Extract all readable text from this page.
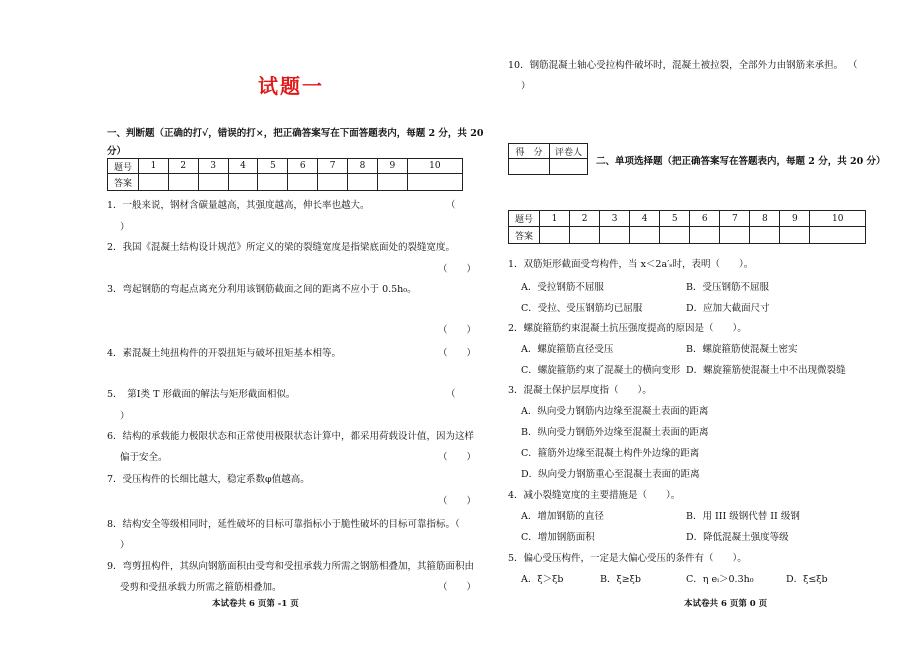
试题一
一、判断题（正确的打√，错误的打×，把正确答案写在下面答题表内，每题 2 分，共 20
分）
题号	1	2	3	4	5	6	7	8	9	10
答案										
1．一般来说，钢材含碳量越高，其强度越高，伸长率也越大。	（
）
2．我国《混凝土结构设计规范》所定义的梁的裂缝宽度是指梁底面处的裂缝宽度。
（　　）
3．弯起钢筋的弯起点离充分利用该钢筋截面之间的距离不应小于 0.5h₀。
（　　）
4．素混凝土纯扭构件的开裂扭矩与破坏扭矩基本相等。	（　　）
5．　第Ⅰ类 T 形截面的解法与矩形截面相似。	（
）
6．结构的承载能力极限状态和正常使用极限状态计算中，都采用荷载设计值，因为这样
偏于安全。	（　　）
7．受压构件的长细比越大，稳定系数φ值越高。
（　　）
8．结构安全等级相同时，延性破坏的目标可靠指标小于脆性破坏的目标可靠指标。（
）
9．弯剪扭构件，其纵向钢筋面积由受弯和受扭承载力所需之钢筋相叠加，其箍筋面积由
受剪和受扭承载力所需之箍筋相叠加。	（　　）
本试卷共 6 页第 -1 页
10．钢筋混凝土轴心受拉构件破坏时，混凝土被拉裂，全部外力由钢筋来承担。 （
）
得　分	评卷人

二、单项选择题（把正确答案写在答题表内，每题 2 分，共 20 分）
题号	1	2	3	4	5	6	7	8	9	10
答案										
1．双筋矩形截面受弯构件，当 x＜2a′ₛ时，表明（　　）。
A．受拉钢筋不屈服	B．受压钢筋不屈服
C．受拉、受压钢筋均已屈服	D．应加大截面尺寸
2．螺旋箍筋约束混凝土抗压强度提高的原因是（　　）。
A．螺旋箍筋直径受压	B．螺旋箍筋使混凝土密实
C．螺旋箍筋约束了混凝土的横向变形 D．螺旋箍筋使混凝土中不出现微裂缝
3．混凝土保护层厚度指（　　）。
A．纵向受力钢筋内边缘至混凝土表面的距离
B．纵向受力钢筋外边缘至混凝土表面的距离
C．箍筋外边缘至混凝土构件外边缘的距离
D．纵向受力钢筋重心至混凝土表面的距离
4．减小裂缝宽度的主要措施是（　　）。
A．增加钢筋的直径	B．用 III 级钢代替 II 级钢
C．增加钢筋面积	D．降低混凝土强度等级
5．偏心受压构件，一定是大偏心受压的条件有（　　）。
A．ξ＞ξb	B．ξ≥ξb	C．η eᵢ＞0.3h₀	D．ξ≤ξb
本试卷共 6 页第 0 页
